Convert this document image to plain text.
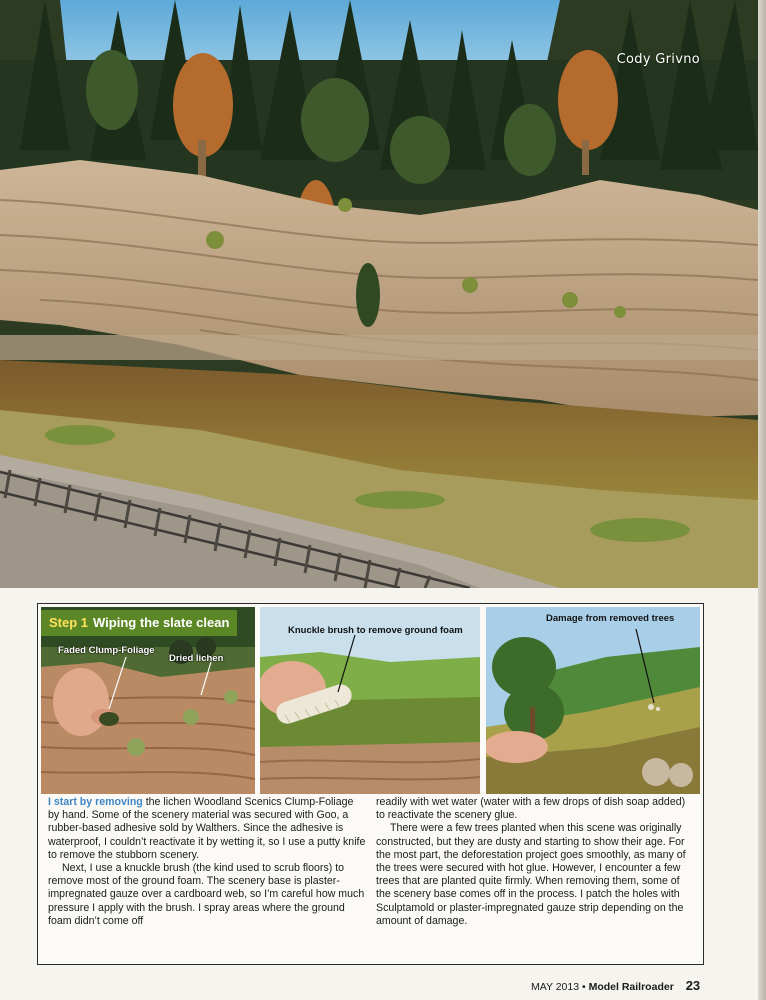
Cody Grivno
Step 1 Wiping the slate clean
Faded Clump-Foliage
Dried lichen
Knuckle brush to remove ground foam
Damage from removed trees

I start by removing the lichen Woodland Scenics Clump-Foliage by hand. Some of the scenery material was secured with Goo, a rubber-based adhesive sold by Walthers. Since the adhesive is waterproof, I couldn’t reactivate it by wetting it, so I use a putty knife to remove the stubborn scenery.

Next, I use a knuckle brush (the kind used to scrub floors) to remove most of the ground foam. The scenery base is plaster-impregnated gauze over a cardboard web, so I’m careful how much pressure I apply with the brush. I spray areas where the ground foam didn’t come off

readily with wet water (water with a few drops of dish soap added) to reactivate the scenery glue.

There were a few trees planted when this scene was originally constructed, but they are dusty and starting to show their age. For the most part, the deforestation project goes smoothly, as many of the trees were secured with hot glue. However, I encounter a few trees that are planted quite firmly. When removing them, some of the scenery base comes off in the process. I patch the holes with Sculptamold or plaster-impregnated gauze strip depending on the amount of damage.

MAY 2013 • Model Railroader 23
